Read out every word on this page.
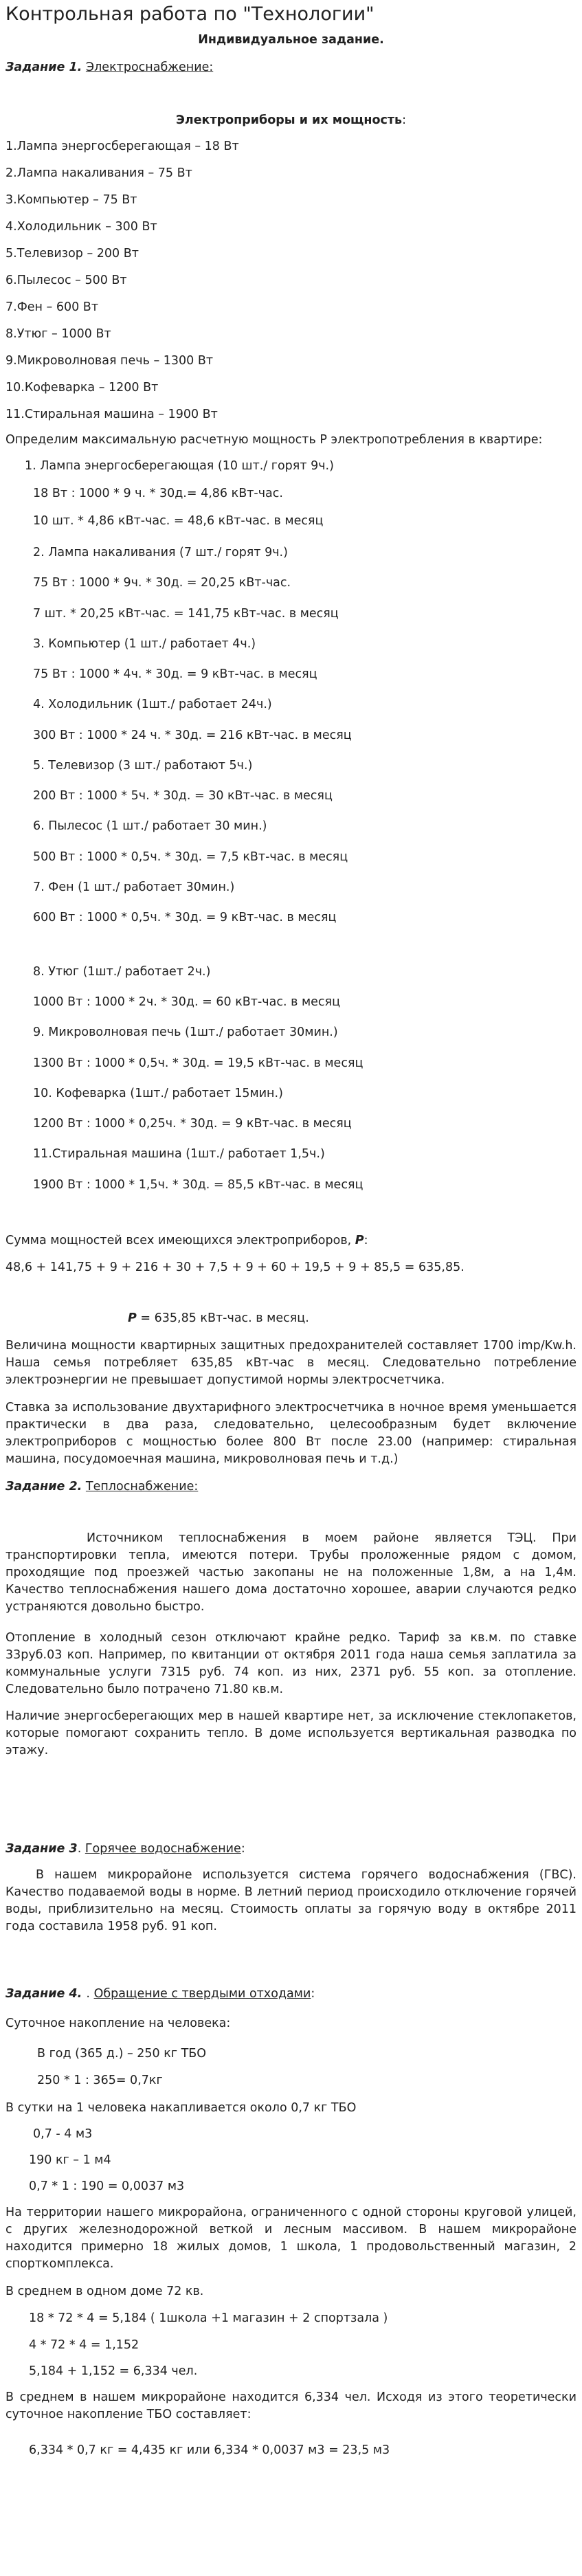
Контрольная работа по "Технологии"
Индивидуальное задание.
Задание 1. Электроснабжение:
Электроприборы и их мощность:
1.Лампа энергосберегающая – 18 Вт
2.Лампа накаливания – 75 Вт
3.Компьютер – 75 Вт
4.Холодильник – 300 Вт
5.Телевизор – 200 Вт
6.Пылесос – 500 Вт
7.Фен – 600 Вт
8.Утюг – 1000 Вт
9.Микроволновая печь – 1300 Вт
10.Кофеварка – 1200 Вт
11.Стиральная машина – 1900 Вт
Определим максимальную расчетную мощность P электропотребления в квартире:
1. Лампа энергосберегающая (10 шт./ горят 9ч.)
18 Вт : 1000 * 9 ч. * 30д.= 4,86 кВт-час.
10 шт. * 4,86 кВт-час. = 48,6 кВт-час. в месяц
2. Лампа накаливания (7 шт./ горят 9ч.)
75 Вт : 1000 * 9ч. * 30д. = 20,25 кВт-час.
7 шт. * 20,25 кВт-час. = 141,75 кВт-час. в месяц
3. Компьютер (1 шт./ работает 4ч.)
75 Вт : 1000 * 4ч. * 30д. = 9 кВт-час. в месяц
4. Холодильник (1шт./ работает 24ч.)
300 Вт : 1000 * 24 ч. * 30д. = 216 кВт-час. в месяц
5. Телевизор (3 шт./ работают 5ч.)
200 Вт : 1000 * 5ч. * 30д. = 30 кВт-час. в месяц
6. Пылесос (1 шт./ работает 30 мин.)
500 Вт : 1000 * 0,5ч. * 30д. = 7,5 кВт-час. в месяц
7. Фен (1 шт./ работает 30мин.)
600 Вт : 1000 * 0,5ч. * 30д. = 9 кВт-час. в месяц
8. Утюг (1шт./ работает 2ч.)
1000 Вт : 1000 * 2ч. * 30д. = 60 кВт-час. в месяц
9. Микроволновая печь (1шт./ работает 30мин.)
1300 Вт : 1000 * 0,5ч. * 30д. = 19,5 кВт-час. в месяц
10. Кофеварка (1шт./ работает 15мин.)
1200 Вт : 1000 * 0,25ч. * 30д. = 9 кВт-час. в месяц
11.Стиральная машина (1шт./ работает 1,5ч.)
1900 Вт : 1000 * 1,5ч. * 30д. = 85,5 кВт-час. в месяц
Сумма мощностей всех имеющихся электроприборов, P:
48,6 + 141,75 + 9 + 216 + 30 + 7,5 + 9 + 60 + 19,5 + 9 + 85,5 = 635,85.
P = 635,85 кВт-час. в месяц.
Величина мощности квартирных защитных предохранителей составляет 1700 imp/Kw.h. Наша семья потребляет 635,85 кВт-час в месяц. Следовательно потребление электроэнергии не превышает допустимой нормы электросчетчика.
Ставка за использование двухтарифного электросчетчика в ночное время уменьшается практически в два раза, следовательно, целесообразным будет включение электроприборов с мощностью более 800 Вт после 23.00 (например: стиральная машина, посудомоечная машина, микроволновая печь и т.д.)
Задание 2. Теплоснабжение:
Источником теплоснабжения в моем районе является ТЭЦ. При транспортировки тепла, имеются потери. Трубы проложенные рядом с домом, проходящие под проезжей частью закопаны не на положенные 1,8м, а на 1,4м. Качество теплоснабжения нашего дома достаточно хорошее, аварии случаются редко устраняются довольно быстро.
Отопление в холодный сезон отключают крайне редко. Тариф за кв.м. по ставке 33руб.03 коп. Например, по квитанции от октября 2011 года наша семья заплатила за коммунальные услуги 7315 руб. 74 коп. из них, 2371 руб. 55 коп. за отопление. Следовательно было потрачено 71.80 кв.м.
Наличие энергосберегающих мер в нашей квартире нет, за исключение стеклопакетов, которые помогают сохранить тепло. В доме используется вертикальная разводка по этажу.
Задание 3. Горячее водоснабжение:
В нашем микрорайоне используется система горячего водоснабжения (ГВС). Качество подаваемой воды в норме. В летний период происходило отключение горячей воды, приблизительно на месяц. Стоимость оплаты за горячую воду в октябре 2011 года составила 1958 руб. 91 коп.
Задание 4. . Обращение с твердыми отходами:
Суточное накопление на человека:
В год (365 д.) – 250 кг ТБО
250 * 1 : 365= 0,7кг
В сутки на 1 человека накапливается около 0,7 кг ТБО
0,7 - 4 м3
190 кг – 1 м4
0,7 * 1 : 190 = 0,0037 м3
На территории нашего микрорайона, ограниченного с одной стороны круговой улицей, с других железнодорожной веткой и лесным массивом. В нашем микрорайоне находится примерно 18 жилых домов, 1 школа, 1 продовольственный магазин, 2 спорткомплекса.
В среднем в одном доме 72 кв.
18 * 72 * 4 = 5,184 ( 1школа +1 магазин + 2 спортзала )
4 * 72 * 4 = 1,152
5,184 + 1,152 = 6,334 чел.
В среднем в нашем микрорайоне находится 6,334 чел. Исходя из этого теоретически суточное накопление ТБО составляет:
6,334 * 0,7 кг = 4,435 кг или 6,334 * 0,0037 м3 = 23,5 м3
